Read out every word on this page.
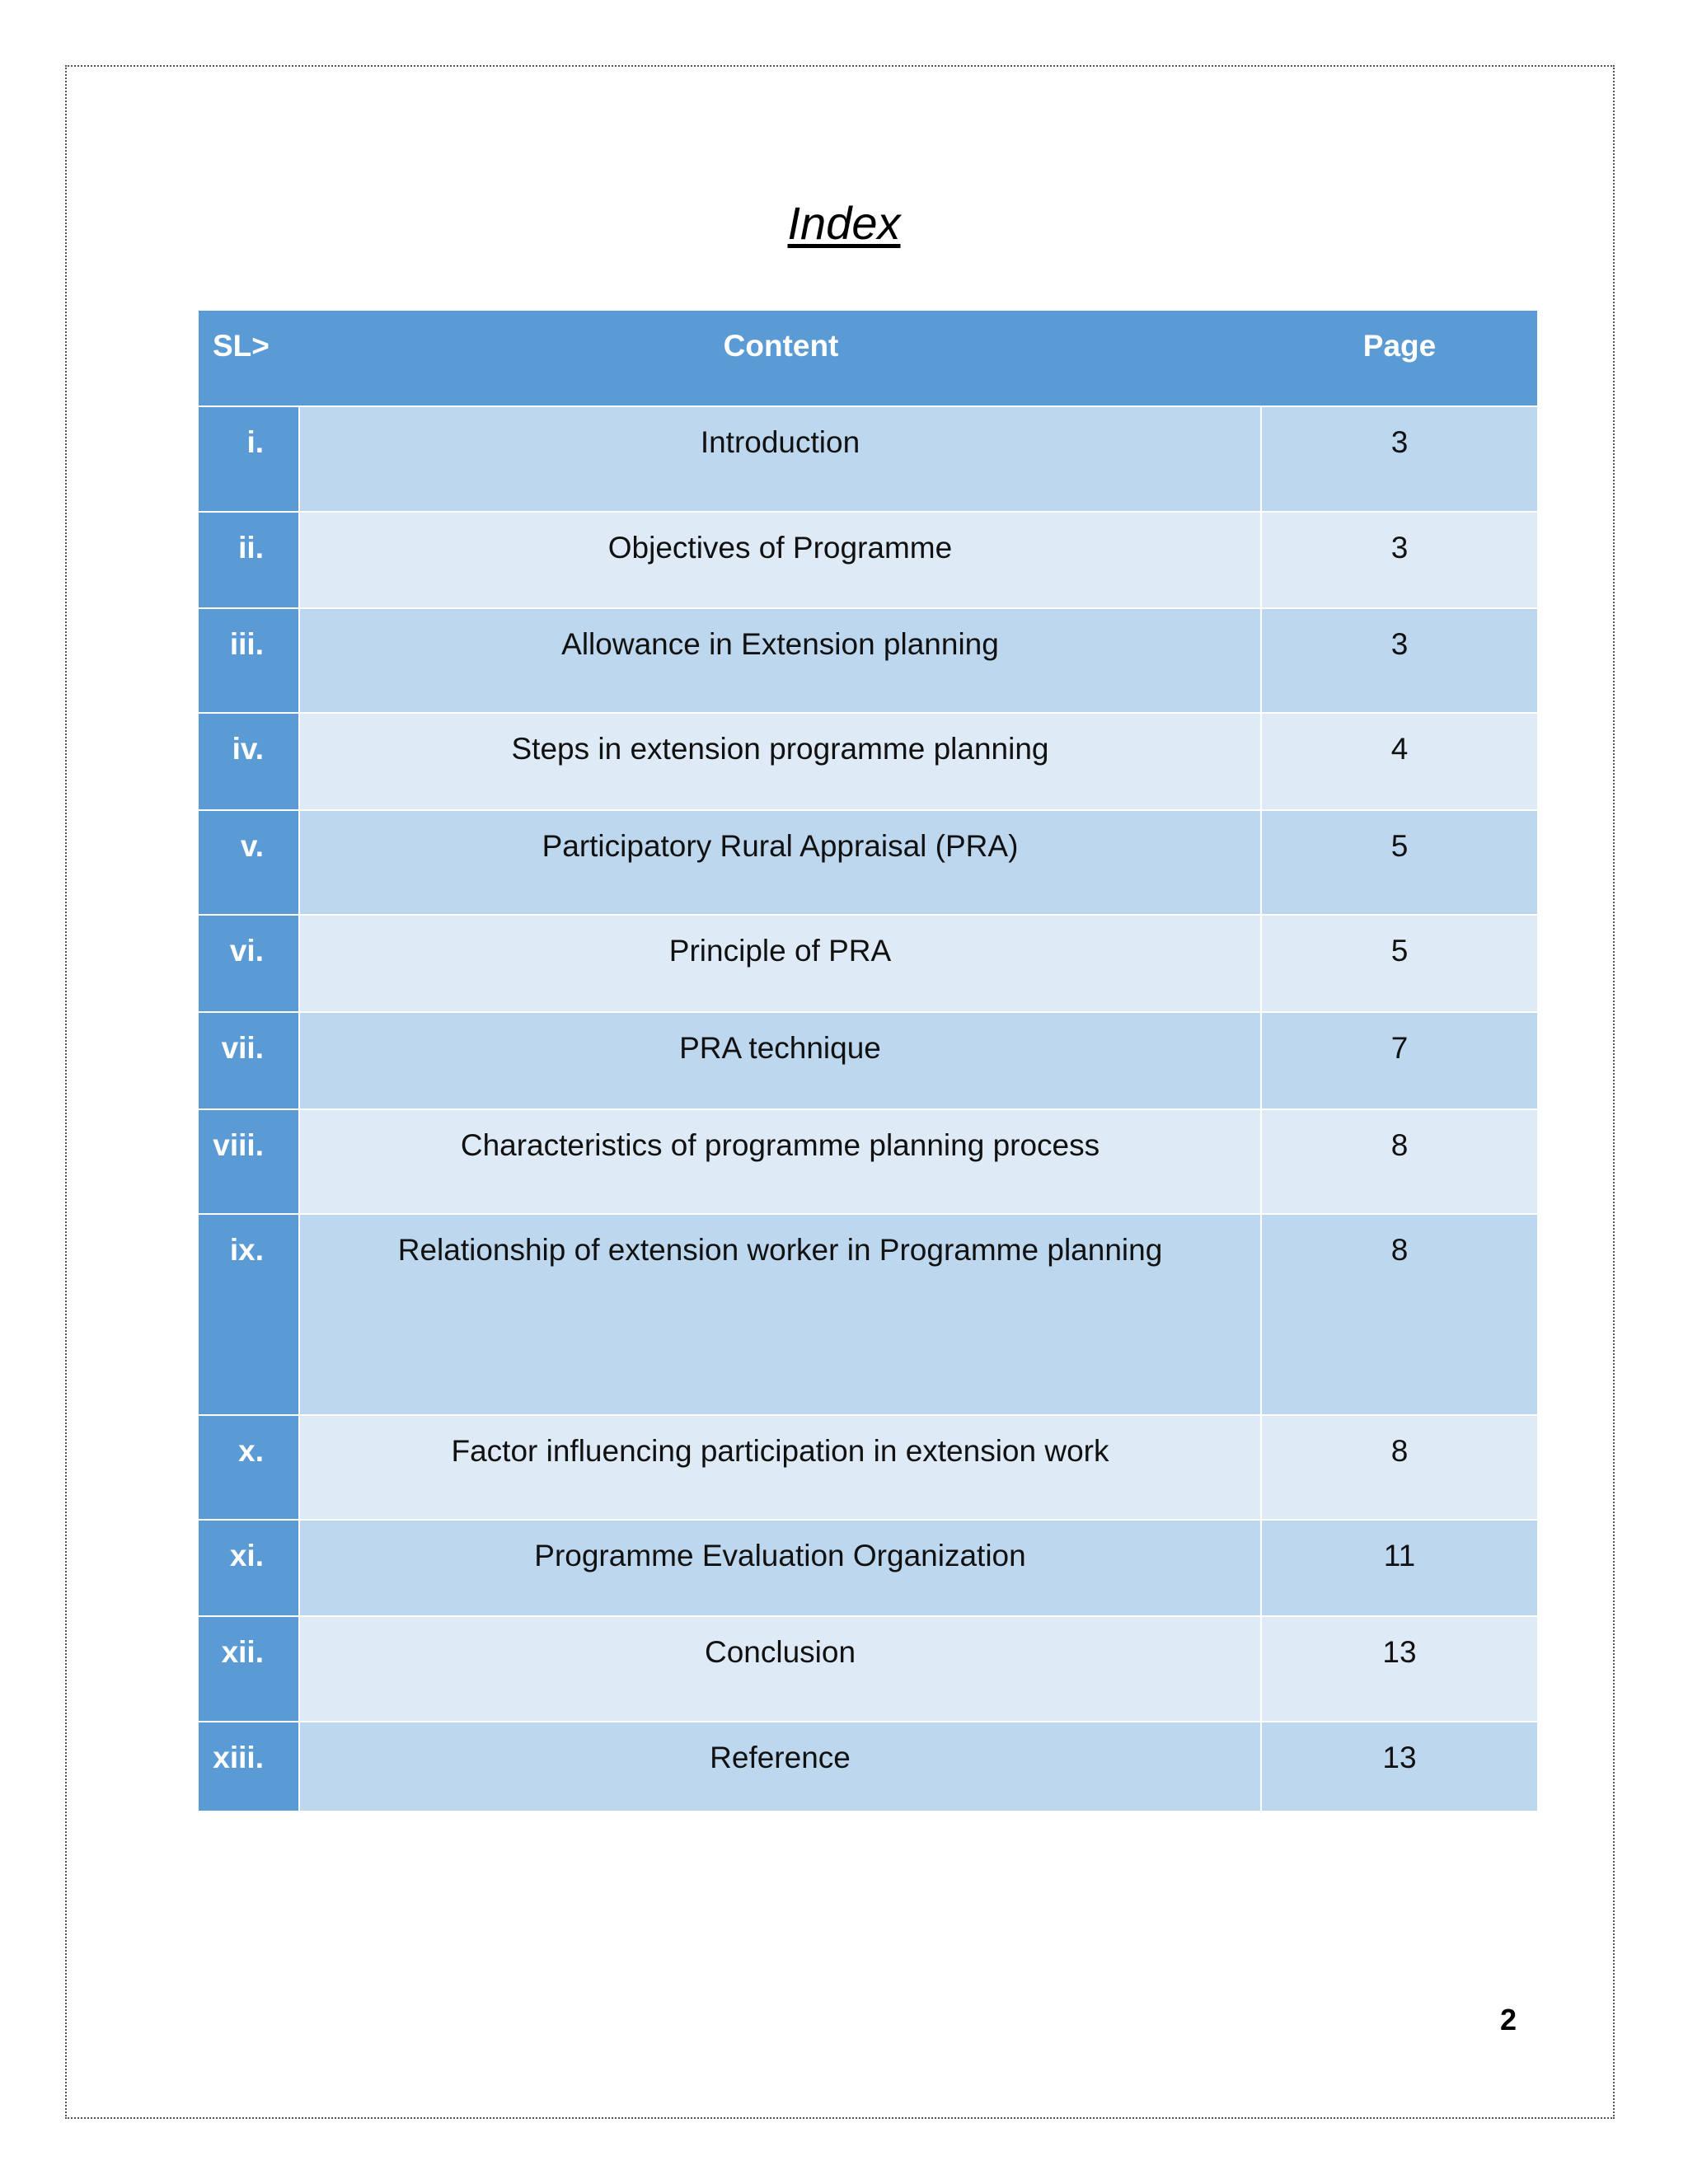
Index
SL>	Content	Page
i.	Introduction	3
ii.	Objectives of Programme	3
iii.	Allowance in Extension planning	3
iv.	Steps in extension programme planning	4
v.	Participatory Rural Appraisal (PRA)	5
vi.	Principle of PRA	5
vii.	PRA technique	7
viii.	Characteristics of programme planning process	8
ix.	Relationship of extension worker in Programme planning	8
x.	Factor influencing participation in extension work	8
xi.	Programme Evaluation Organization	11
xii.	Conclusion	13
xiii.	Reference	13
2
